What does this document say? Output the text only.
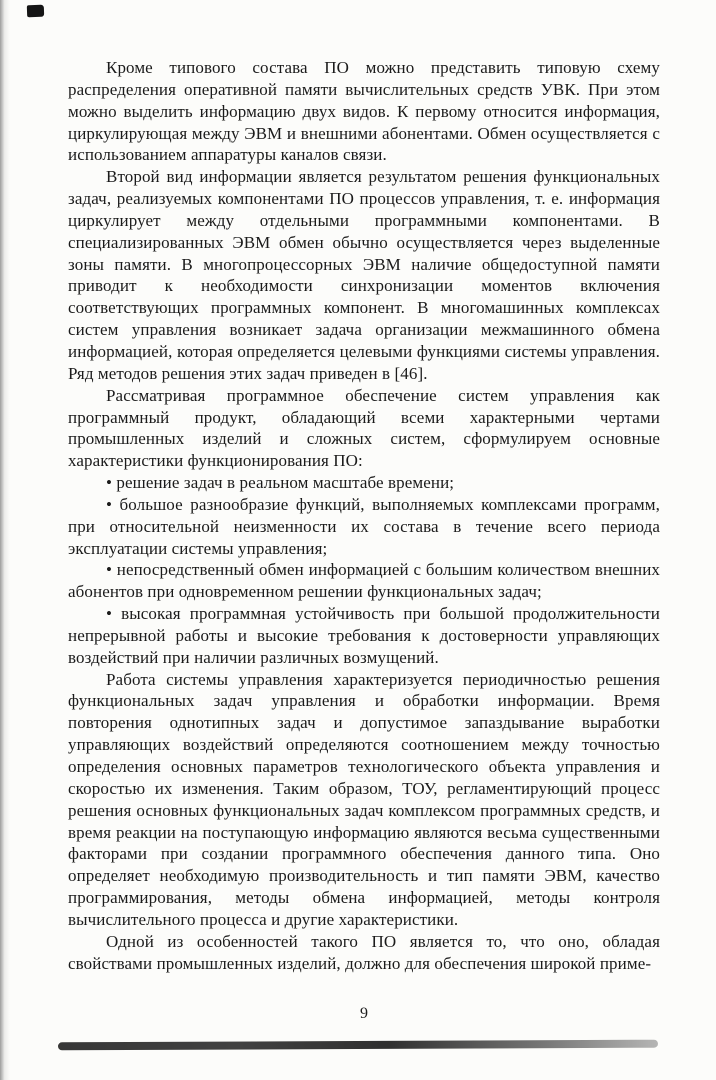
Кроме типового состава ПО можно представить типовую схему распределения оперативной памяти вычислительных средств УВК. При этом можно выделить информацию двух видов. К первому относится информация, циркулирующая между ЭВМ и внешними абонентами. Обмен осуществляется с использованием аппаратуры каналов связи.

Второй вид информации является результатом решения функциональных задач, реализуемых компонентами ПО процессов управления, т. е. информация циркулирует между отдельными программными компонентами. В специализированных ЭВМ обмен обычно осуществляется через выделенные зоны памяти. В многопроцессорных ЭВМ наличие общедоступной памяти приводит к необходимости синхронизации моментов включения соответствующих программных компонент. В многомашинных комплексах систем управления возникает задача организации межмашинного обмена информацией, которая определяется целевыми функциями системы управления. Ряд методов решения этих задач приведен в [46].

Рассматривая программное обеспечение систем управления как программный продукт, обладающий всеми характерными чертами промышленных изделий и сложных систем, сформулируем основные характеристики функционирования ПО:

• решение задач в реальном масштабе времени;

• большое разнообразие функций, выполняемых комплексами программ, при относительной неизменности их состава в течение всего периода эксплуатации системы управления;

• непосредственный обмен информацией с большим количеством внешних абонентов при одновременном решении функциональных задач;

• высокая программная устойчивость при большой продолжительности непрерывной работы и высокие требования к достоверности управляющих воздействий при наличии различных возмущений.

Работа системы управления характеризуется периодичностью решения функциональных задач управления и обработки информации. Время повторения однотипных задач и допустимое запаздывание выработки управляющих воздействий определяются соотношением между точностью определения основных параметров технологического объекта управления и скоростью их изменения. Таким образом, ТОУ, регламентирующий процесс решения основных функциональных задач комплексом программных средств, и время реакции на поступающую информацию являются весьма существенными факторами при создании программного обеспечения данного типа. Оно определяет необходимую производительность и тип памяти ЭВМ, качество программирования, методы обмена информацией, методы контроля вычислительного процесса и другие характеристики.

Одной из особенностей такого ПО является то, что оно, обладая свойствами промышленных изделий, должно для обеспечения широкой приме-

9
